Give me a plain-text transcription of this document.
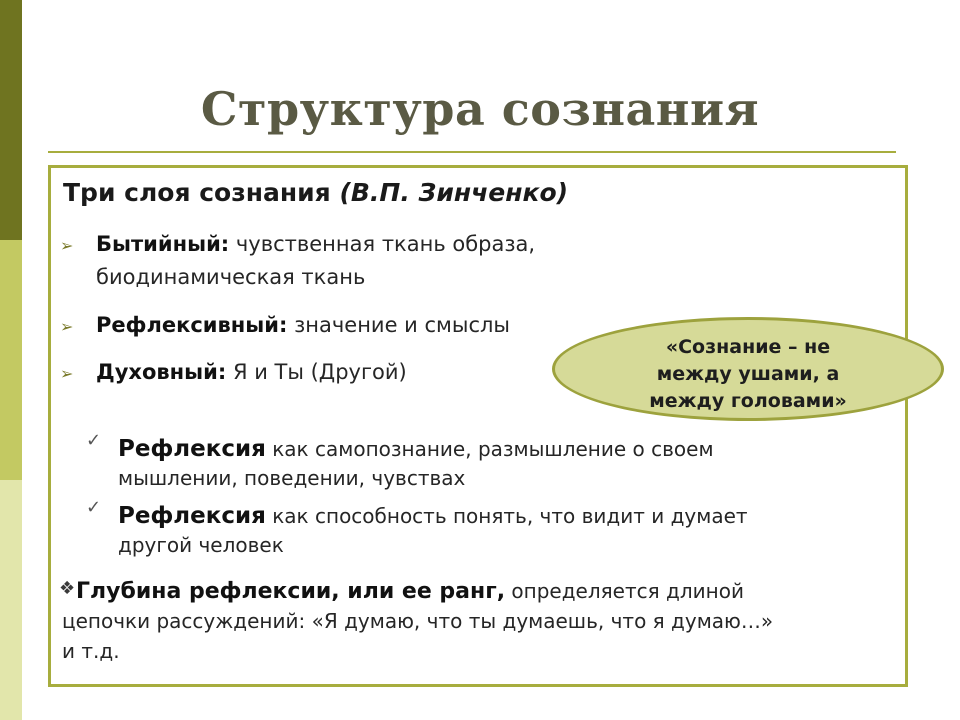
Структура сознания
Три слоя сознания (В.П. Зинченко)
➢ Бытийный: чувственная ткань образа,
биодинамическая ткань
➢ Рефлексивный: значение и смыслы
➢ Духовный: Я и Ты (Другой)
✓ Рефлексия как самопознание, размышление о своем
мышлении, поведении, чувствах
✓ Рефлексия как способность понять, что видит и думает
другой человек
❖ Глубина рефлексии, или ее ранг, определяется длиной
цепочки рассуждений: «Я думаю, что ты думаешь, что я думаю…»
и т.д.
«Сознание – не
между ушами, а
между головами»
